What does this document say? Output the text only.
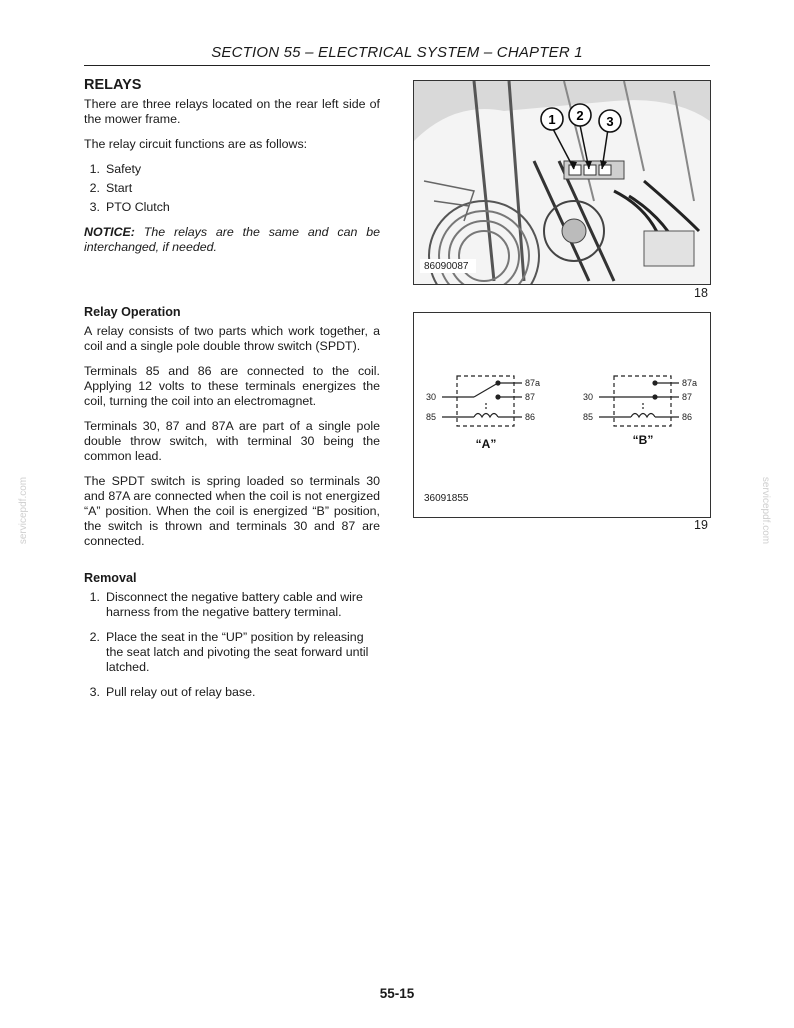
SECTION 55 – ELECTRICAL SYSTEM – CHAPTER 1
RELAYS

There are three relays located on the rear left side of the mower frame.

The relay circuit functions are as follows:

1. Safety
2. Start
3. PTO Clutch

NOTICE: The relays are the same and can be interchanged, if needed.

Relay Operation

A relay consists of two parts which work together, a coil and a single pole double throw switch (SPDT).

Terminals 85 and 86 are connected to the coil. Applying 12 volts to these terminals energizes the coil, turning the coil into an electromagnet.

Terminals 30, 87 and 87A are part of a single pole double throw switch, with terminal 30 being the common lead.

The SPDT switch is spring loaded so terminals 30 and 87A are connected when the coil is not energized “A” position. When the coil is energized “B” position, the switch is thrown and terminals 30 and 87 are connected.

Removal
1. Disconnect the negative battery cable and wire harness from the negative battery terminal.
2. Place the seat in the “UP” position by releasing the seat latch and pivoting the seat forward until latched.
3. Pull relay out of relay base.
1 2 3
86090087
18
30
85
87a
87
86
“A”
30
85
87a
87
86
“B”
36091855
19
servicepdf.com	servicepdf.com
55-15
